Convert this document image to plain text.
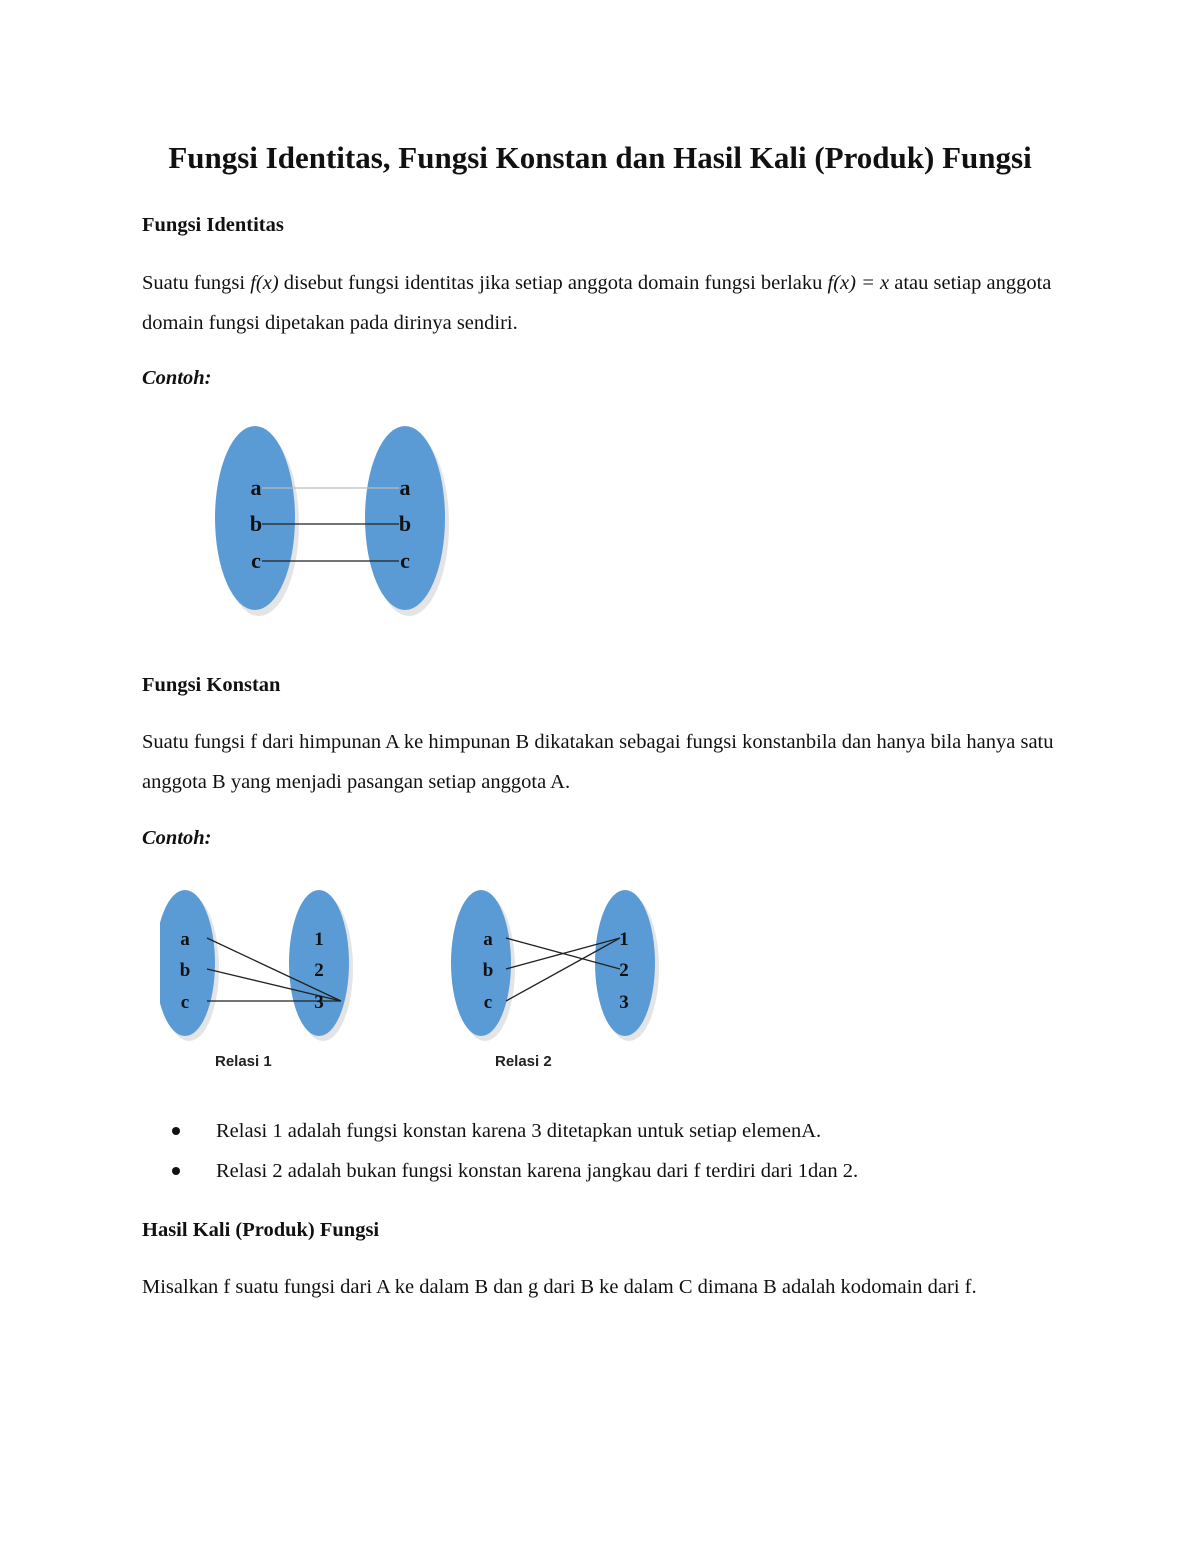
Fungsi Identitas, Fungsi Konstan dan Hasil Kali (Produk) Fungsi
Fungsi Identitas

Suatu fungsi f(x) disebut fungsi identitas jika setiap anggota domain fungsi berlaku f(x) = x atau setiap anggota domain fungsi dipetakan pada dirinya sendiri.

Contoh:

a
b
c
a
b
c
Fungsi Konstan

Suatu fungsi f dari himpunan A ke himpunan B dikatakan sebagai fungsi konstanbila dan hanya bila hanya satu anggota B yang menjadi pasangan setiap anggota A.

Contoh:

a
b
c
1
2
3
Relasi 1
a
b
c
1
2
3
Relasi 2
Relasi 1 adalah fungsi konstan karena 3 ditetapkan untuk setiap elemenA.
Relasi 2 adalah bukan fungsi konstan karena jangkau dari f terdiri dari 1dan 2.
Hasil Kali (Produk) Fungsi

Misalkan f suatu fungsi dari A ke dalam B dan g dari B ke dalam C dimana B adalah kodomain dari f.
